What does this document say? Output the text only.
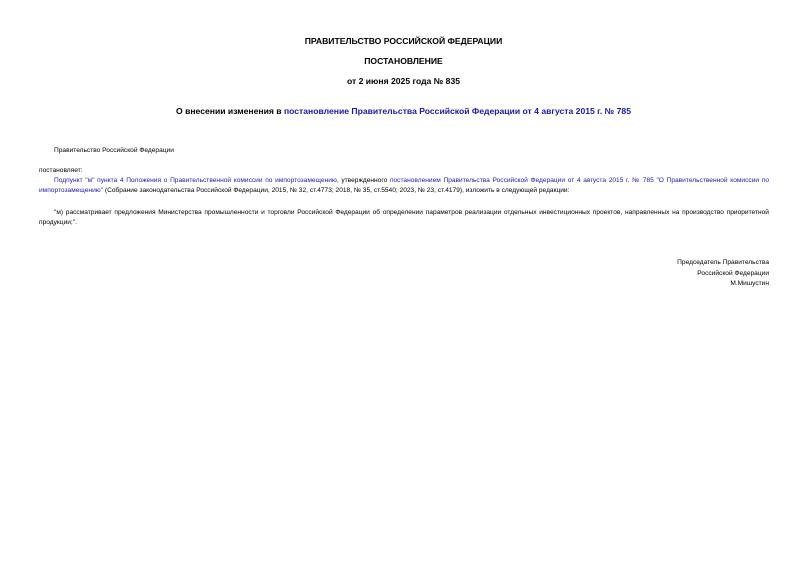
ПРАВИТЕЛЬСТВО РОССИЙСКОЙ ФЕДЕРАЦИИ
ПОСТАНОВЛЕНИЕ
от 2 июня 2025 года № 835
О внесении изменения в постановление Правительства Российской Федерации от 4 августа 2015 г. № 785
Правительство Российской Федерации
постановляет:
Подпункт "м" пункта 4 Положения о Правительственной комиссии по импортозамещению, утвержденного постановлением Правительства Российской Федерации от 4 августа 2015 г. № 785 "О Правительственной комиссии по импортозамещению" (Собрание законодательства Российской Федерации, 2015, № 32, ст.4773; 2018, № 35, ст.5540; 2023, № 23, ст.4179), изложить в следующей редакции:
"м) рассматривает предложения Министерства промышленности и торговли Российской Федерации об определении параметров реализации отдельных инвестиционных проектов, направленных на производство приоритетной продукции;".
Председатель Правительства
Российской Федерации
М.Мишустин
